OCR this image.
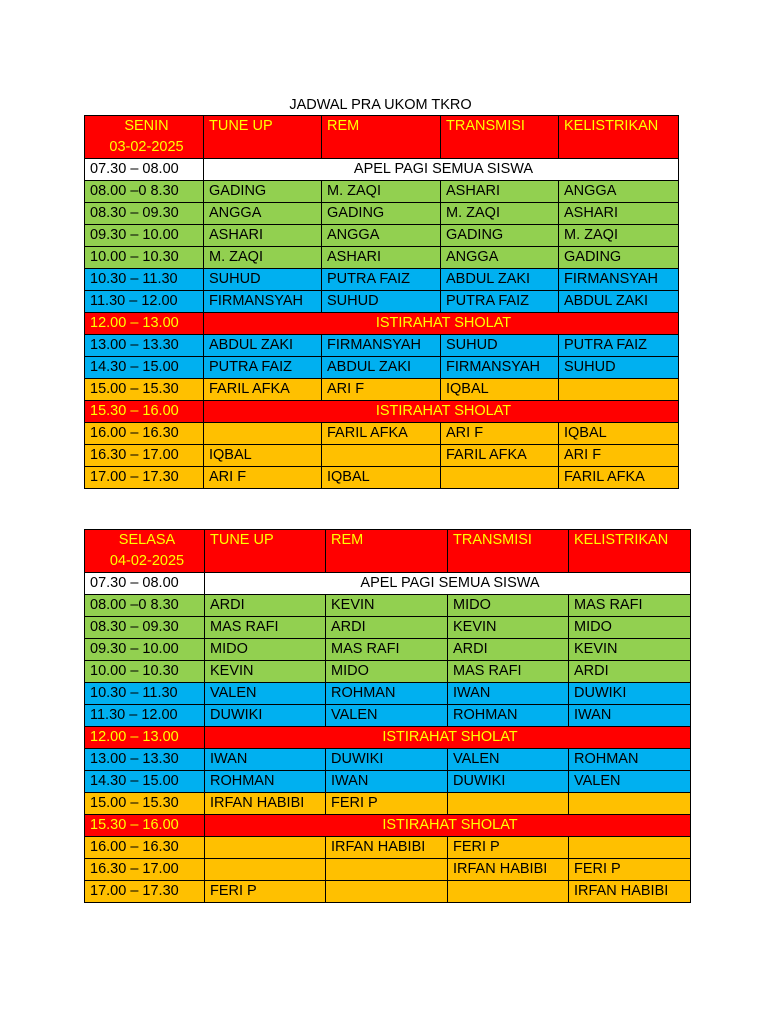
JADWAL PRA UKOM TKRO
SENIN
03-02-2025	TUNE UP	REM	TRANSMISI	KELISTRIKAN
07.30 – 08.00	APEL PAGI SEMUA SISWA			
08.00 –0 8.30	GADING	M. ZAQI	ASHARI	ANGGA
08.30 – 09.30	ANGGA	GADING	M. ZAQI	ASHARI
09.30 – 10.00	ASHARI	ANGGA	GADING	M. ZAQI
10.00 – 10.30	M. ZAQI	ASHARI	ANGGA	GADING
10.30 – 11.30	SUHUD	PUTRA FAIZ	ABDUL ZAKI	FIRMANSYAH
11.30 – 12.00	FIRMANSYAH	SUHUD	PUTRA FAIZ	ABDUL ZAKI
12.00 – 13.00	ISTIRAHAT SHOLAT			
13.00 – 13.30	ABDUL ZAKI	FIRMANSYAH	SUHUD	PUTRA FAIZ
14.30 – 15.00	PUTRA FAIZ	ABDUL ZAKI	FIRMANSYAH	SUHUD
15.00 – 15.30	FARIL AFKA	ARI F	IQBAL	
15.30 – 16.00	ISTIRAHAT SHOLAT			
16.00 – 16.30		FARIL AFKA	ARI F	IQBAL
16.30 – 17.00	IQBAL		FARIL AFKA	ARI F
17.00 – 17.30	ARI F	IQBAL		FARIL AFKA
SELASA
04-02-2025	TUNE UP	REM	TRANSMISI	KELISTRIKAN
07.30 – 08.00	APEL PAGI SEMUA SISWA			
08.00 –0 8.30	ARDI	KEVIN	MIDO	MAS RAFI
08.30 – 09.30	MAS RAFI	ARDI	KEVIN	MIDO
09.30 – 10.00	MIDO	MAS RAFI	ARDI	KEVIN
10.00 – 10.30	KEVIN	MIDO	MAS RAFI	ARDI
10.30 – 11.30	VALEN	ROHMAN	IWAN	DUWIKI
11.30 – 12.00	DUWIKI	VALEN	ROHMAN	IWAN
12.00 – 13.00	ISTIRAHAT SHOLAT			
13.00 – 13.30	IWAN	DUWIKI	VALEN	ROHMAN
14.30 – 15.00	ROHMAN	IWAN	DUWIKI	VALEN
15.00 – 15.30	IRFAN HABIBI	FERI P		
15.30 – 16.00	ISTIRAHAT SHOLAT			
16.00 – 16.30		IRFAN HABIBI	FERI P	
16.30 – 17.00			IRFAN HABIBI	FERI P
17.00 – 17.30	FERI P			IRFAN HABIBI
